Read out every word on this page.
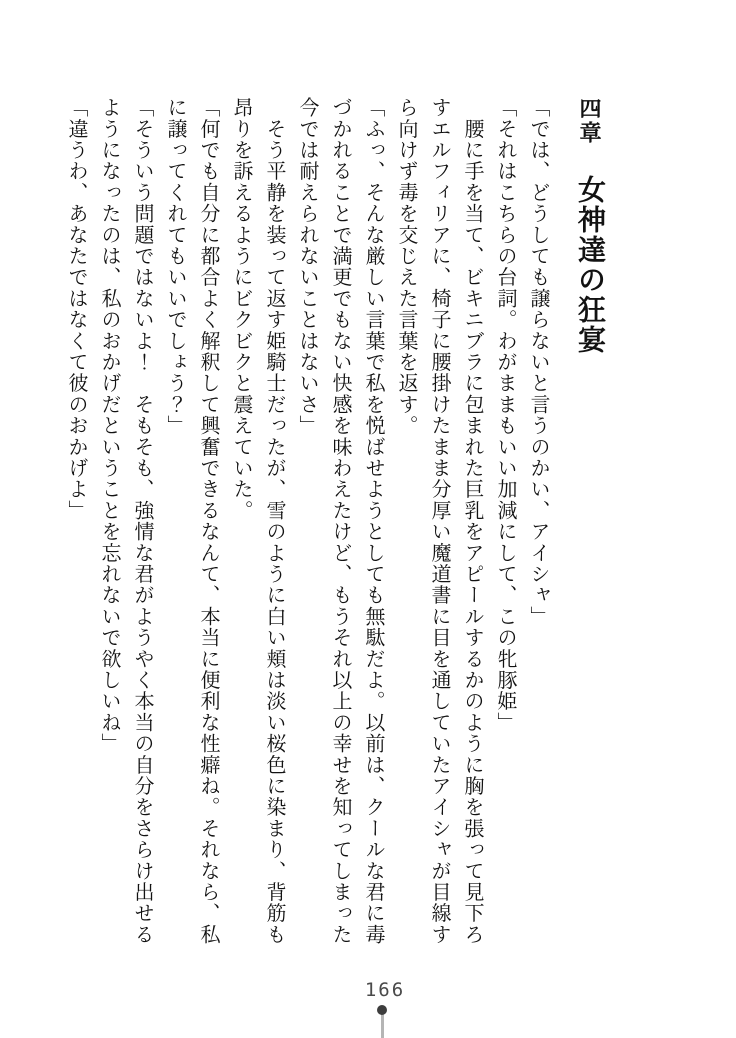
四章女神達の狂宴
「では、どうしても譲らないと言うのかい、アイシャ」
「それはこちらの台詞。わがままもいい加減にして、この牝豚姫」
　腰に手を当て、ビキニブラに包まれた巨乳をアピールするかのように胸を張って見下ろ
すエルフィリアに、椅子に腰掛けたまま分厚い魔道書に目を通していたアイシャが目線す
ら向けず毒を交じえた言葉を返す。
「ふっ、そんな厳しい言葉で私を悦ばせようとしても無駄だよ。以前は、クールな君に毒
づかれることで満更でもない快感を味わえたけど、もうそれ以上の幸せを知ってしまった
今では耐えられないことはないさ」
　そう平静を装って返す姫騎士だったが、雪のように白い頬は淡い桜色に染まり、背筋も
昂りを訴えるようにビクビクと震えていた。
「何でも自分に都合よく解釈して興奮できるなんて、本当に便利な性癖ね。それなら、私
に譲ってくれてもいいでしょう？」
「そういう問題ではないよ！　そもそも、強情な君がようやく本当の自分をさらけ出せる
ようになったのは、私のおかげだということを忘れないで欲しいね」
「違うわ、あなたではなくて彼のおかげよ」
166
